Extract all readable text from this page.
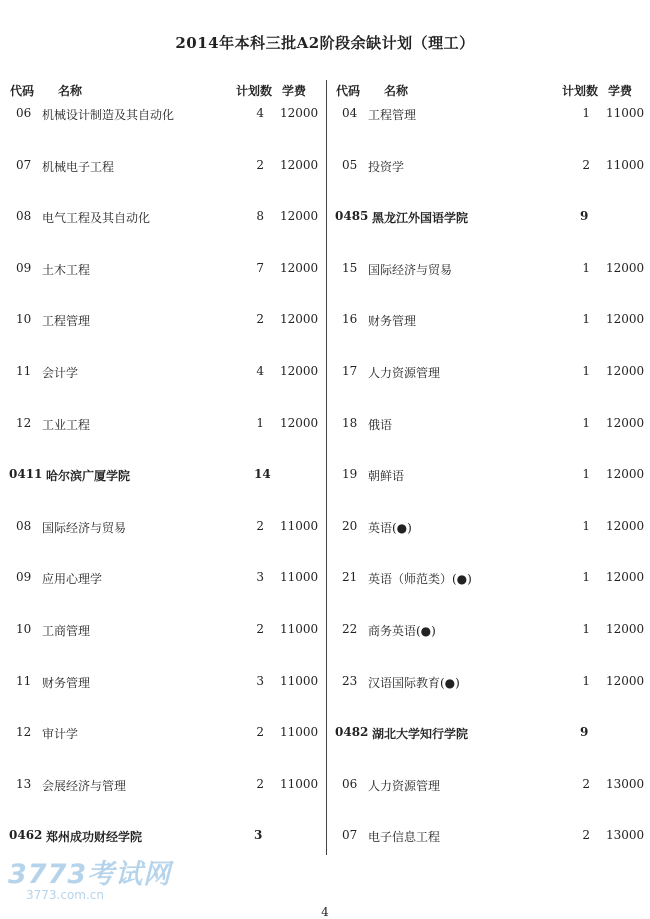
2014年本科三批A2阶段余缺计划（理工）
代码 名称	计划数 学费
06 机械设计制造及其自动化	4 12000
07 机械电子工程	2 12000
08 电气工程及其自动化	8 12000
09 土木工程	7 12000
10 工程管理	2 12000
11 会计学	4 12000
12 工业工程	1 12000
0411 哈尔滨广厦学院	14
08 国际经济与贸易	2 11000
09 应用心理学	3 11000
10 工商管理	2 11000
11 财务管理	3 11000
12 审计学	2 11000
13 会展经济与管理	2 11000
0462 郑州成功财经学院	3
代码 名称	计划数 学费
04 工程管理	1 11000
05 投资学	2 11000
0485 黑龙江外国语学院	9
15 国际经济与贸易	1 12000
16 财务管理	1 12000
17 人力资源管理	1 12000
18 俄语	1 12000
19 朝鲜语	1 12000
20 英语(●)	1 12000
21 英语（师范类）(●)	1 12000
22 商务英语(●)	1 12000
23 汉语国际教育(●)	1 12000
0482 湖北大学知行学院	9
06 人力资源管理	2 13000
07 电子信息工程	2 13000
3773考试网
3773.com.cn
4
